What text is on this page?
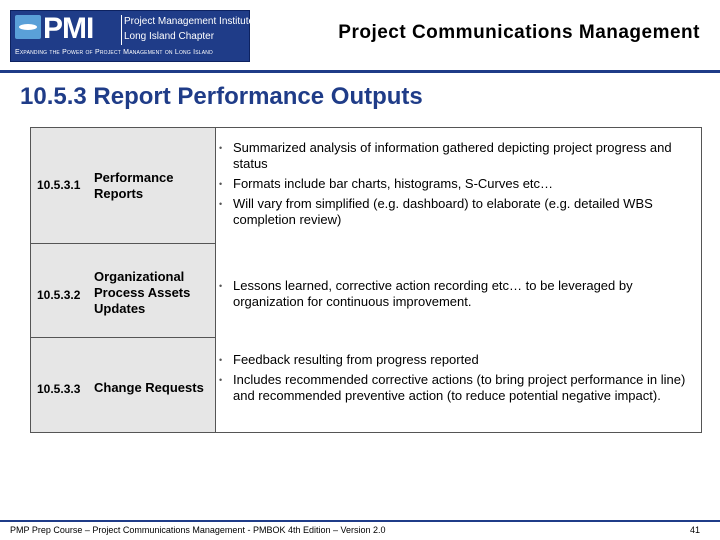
PMI	Project Management Institute
Long Island Chapter
Expanding the Power of Project Management on Long Island
Project Communications Management
10.5.3 Report Performance Outputs
10.5.3.1 Performance Reports
• Summarized analysis of information gathered depicting project progress and status
• Formats include bar charts, histograms, S-Curves etc…
• Will vary from simplified (e.g. dashboard) to elaborate (e.g. detailed WBS completion review)
10.5.3.2
Organizational Process Assets Updates
• Lessons learned, corrective action recording etc… to be leveraged by organization for continuous improvement.
10.5.3.3 Change Requests
• Feedback resulting from progress reported
• Includes recommended corrective actions (to bring project performance in line) and recommended preventive action (to reduce potential negative impact).
PMP Prep Course – Project Communications Management - PMBOK 4th Edition – Version 2.0	41
